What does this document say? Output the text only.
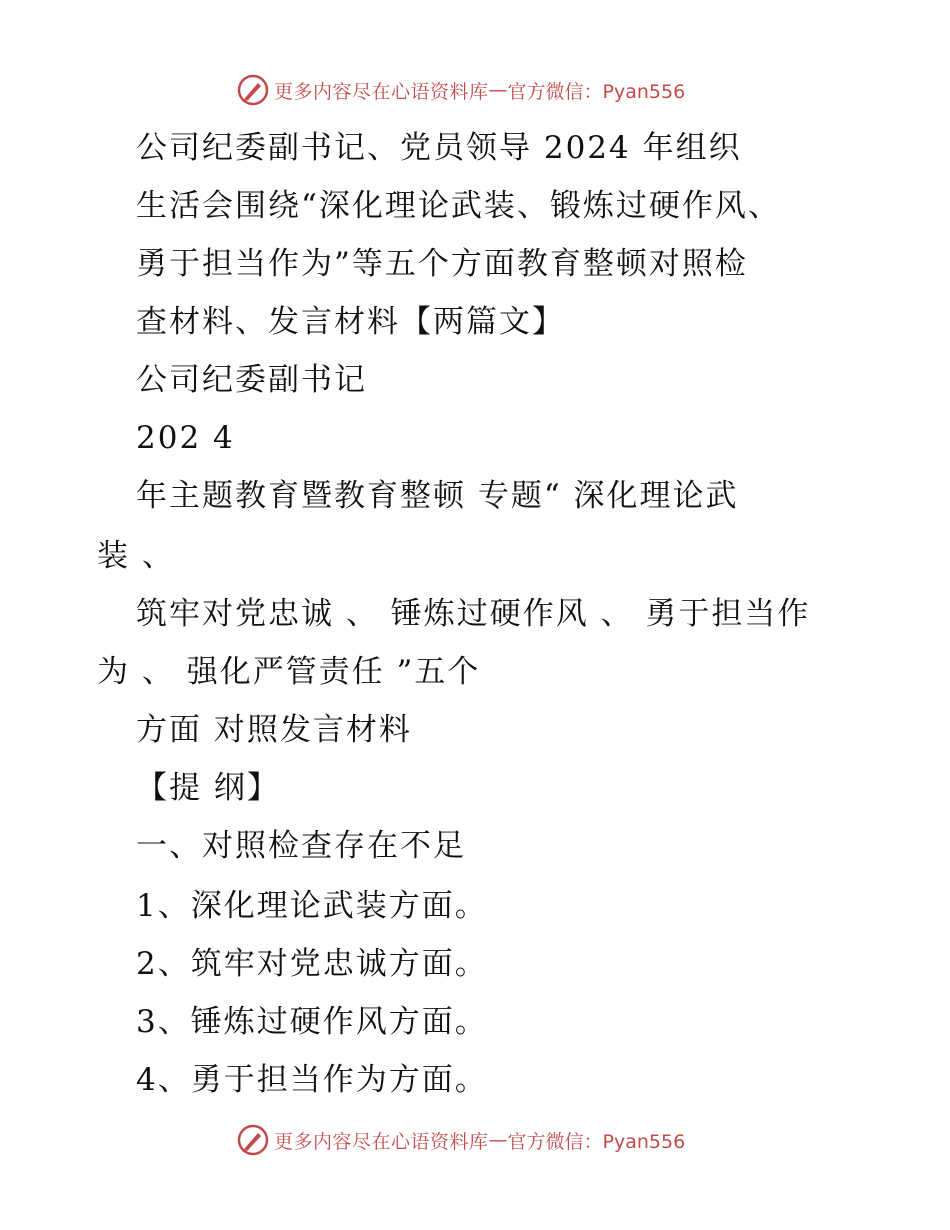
更多内容尽在心语资料库 — 官方微信：Pyan556
公司纪委副书记、党员领导 2024 年组织
生活会围绕“深化理论武装、锻炼过硬作风、
勇于担当作为”等五个方面教育整顿对照检
查材料、发言材料【两篇文】
公司纪委副书记
202 4
年主题教育暨教育整顿 专题“ 深化理论武
装 、
筑牢对党忠诚 、 锤炼过硬作风 、 勇于担当作
为 、 强化严管责任 ”五个
方面 对照发言材料
【提 纲】
一、对照检查存在不足
1、深化理论武装方面。
2、筑牢对党忠诚方面。
3、锤炼过硬作风方面。
4、勇于担当作为方面。
更多内容尽在心语资料库 — 官方微信：Pyan556
